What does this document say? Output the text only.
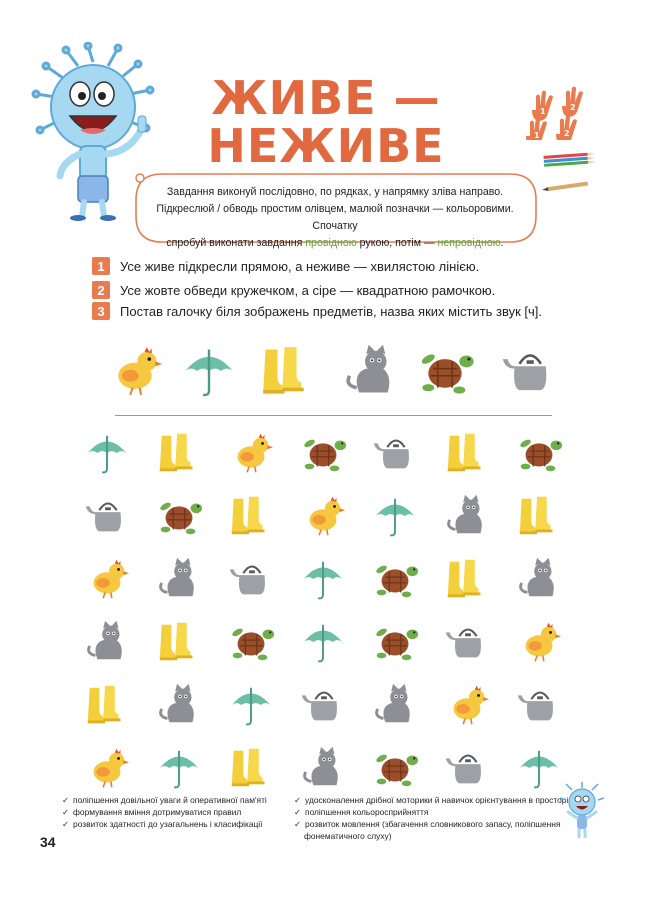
ЖИВЕ —
НЕЖИВЕ
1	2
1	2
Завдання виконуй послідовно, по рядках, у напрямку зліва направо.
Підкреслюй / обводь простим олівцем, малюй позначки — кольоровими. Спочатку
спробуй виконати завдання провідною рукою, потім — непровідною.
1	Усе живе підкресли прямою, а неживе — хвилястою лінією.
2	Усе жовте обведи кружечком, а сіре — квадратною рамочкою.
3	Постав галочку біля зображень предметів, назва яких містить звук [ч].
✓ поліпшення довільної уваги й оперативної пам'яті
✓ формування вміння дотримуватися правил
✓ розвиток здатності до узагальнень і класифікації
✓ удосконалення дрібної моторики й навичок орієнтування в просторі
✓ поліпшення кольоросприйняття
✓ розвиток мовлення (збагачення словникового запасу, поліпшення
фонематичного слуху)
34
